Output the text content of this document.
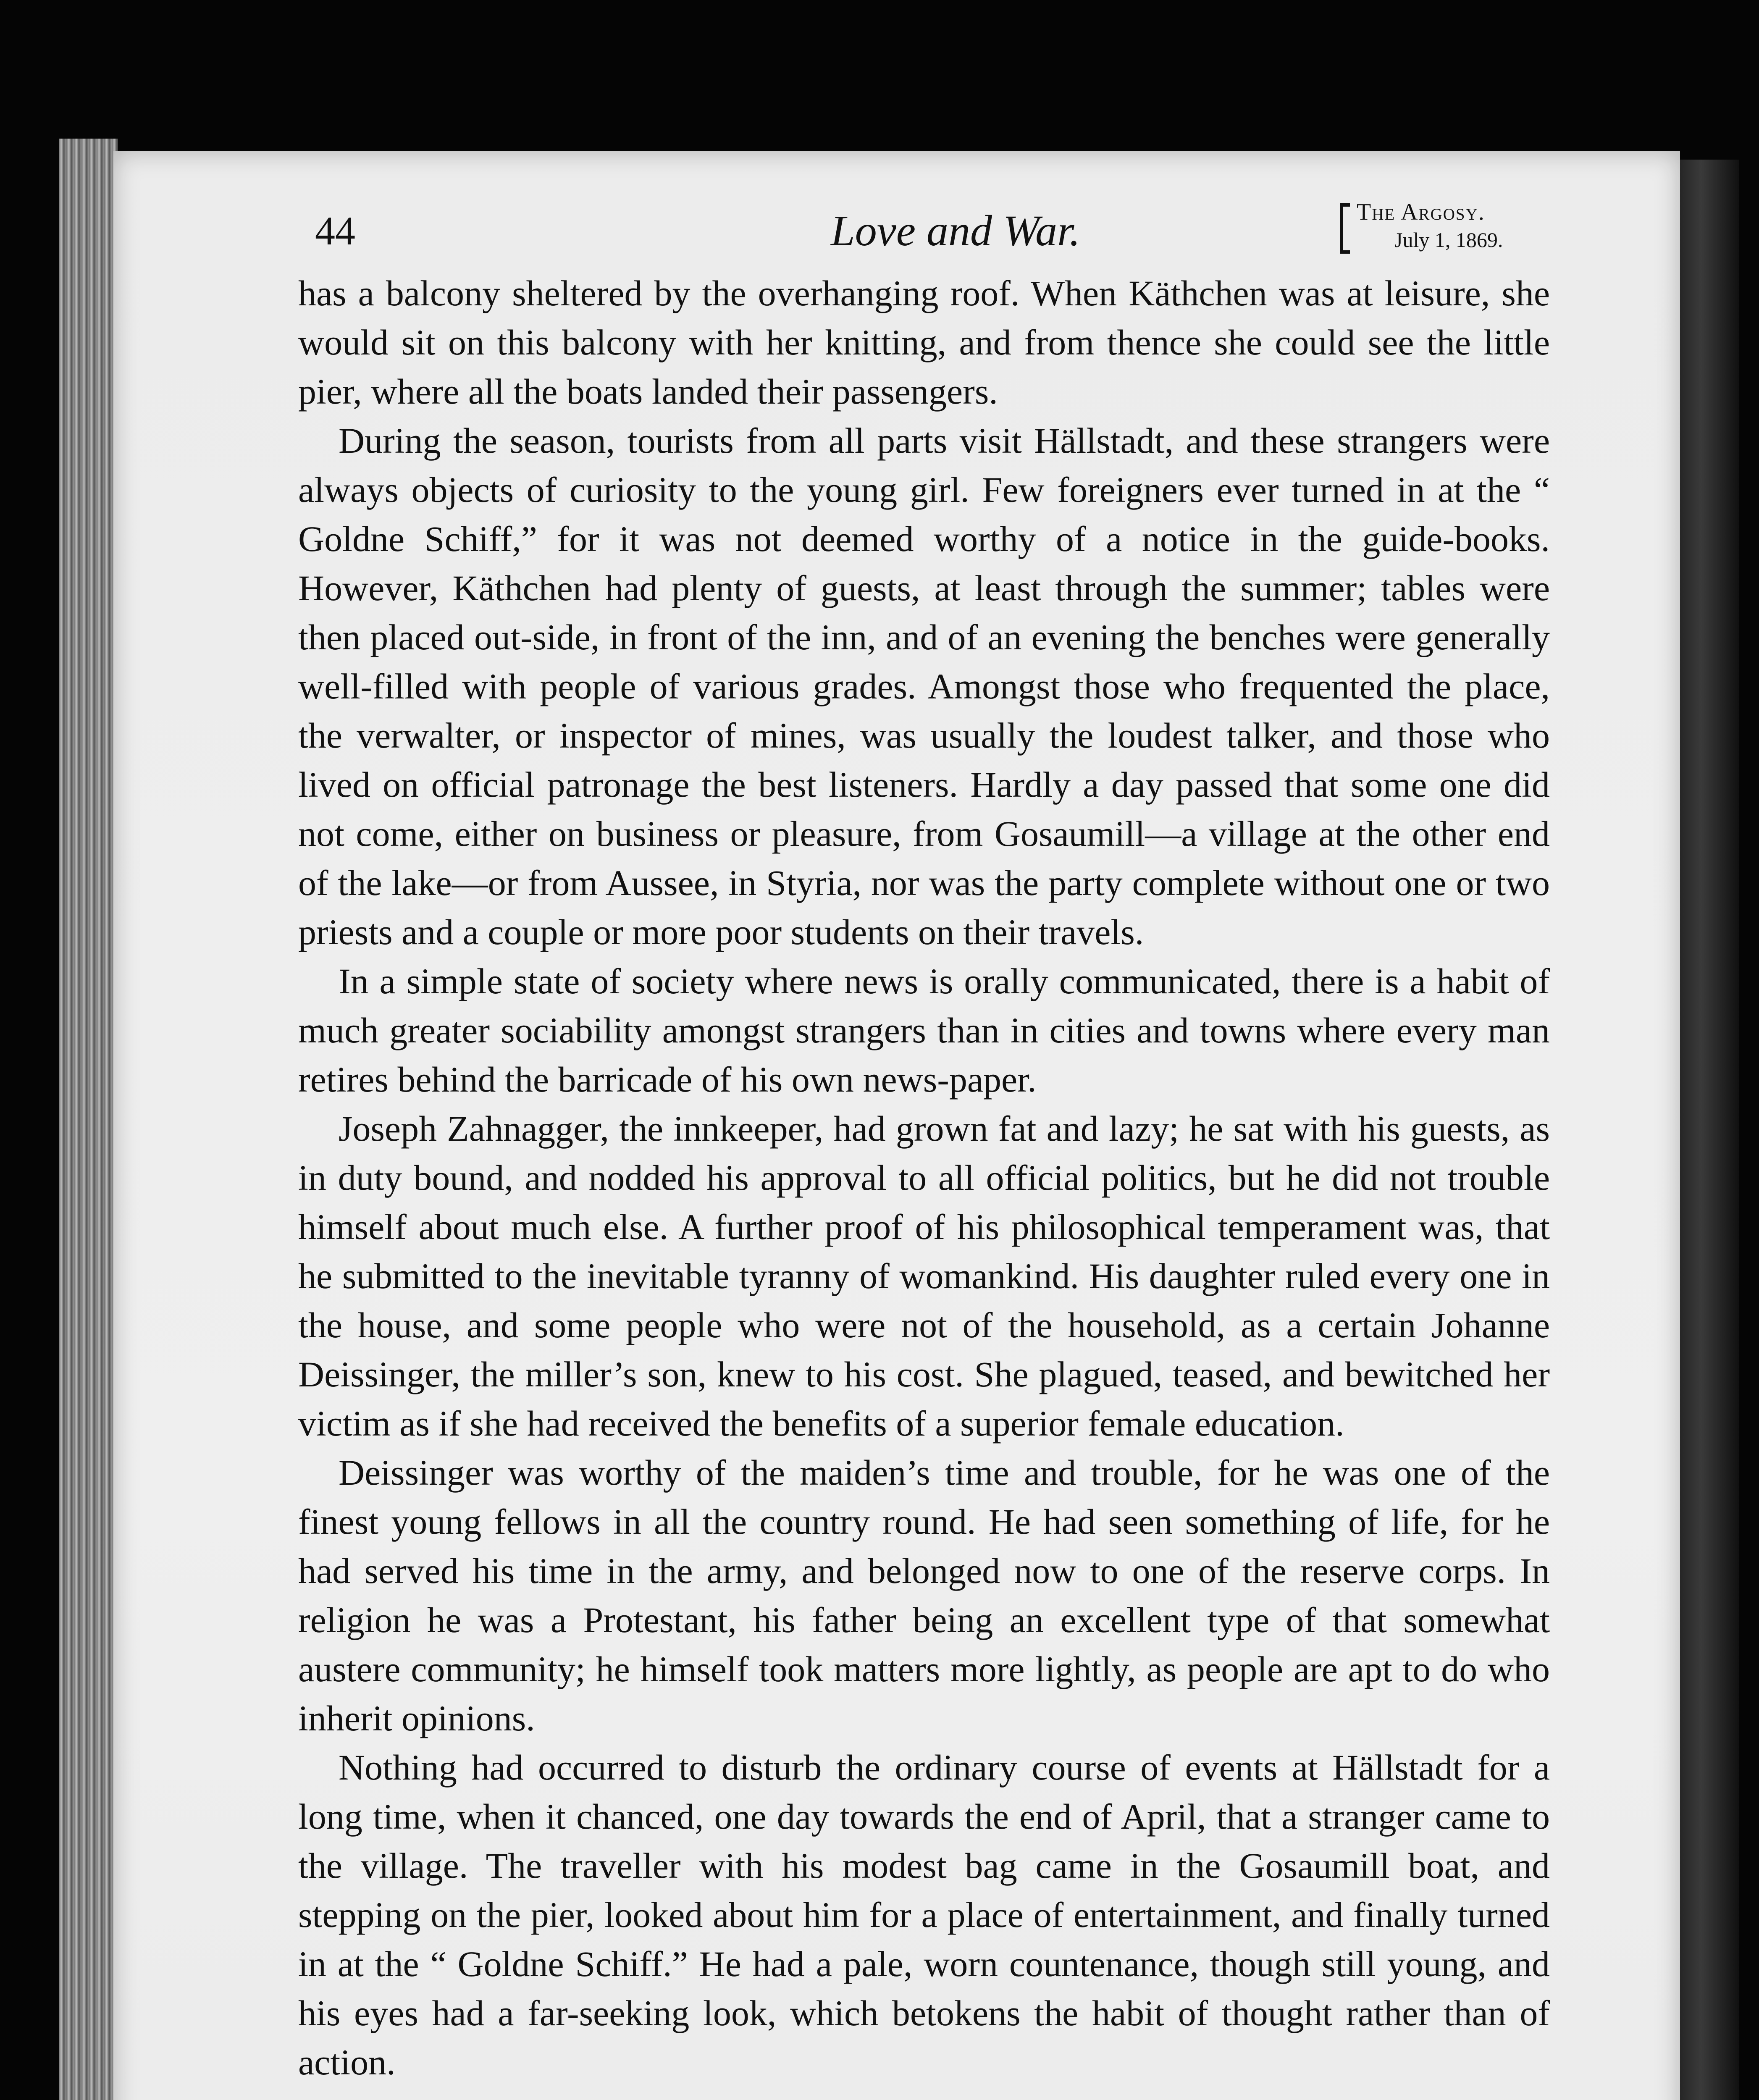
44	Love and War.	The Argosy.
July 1, 1869.

has a balcony sheltered by the overhanging roof. When Käthchen was at leisure, she would sit on this balcony with her knitting, and from thence she could see the little pier, where all the boats landed their passengers.

During the season, tourists from all parts visit Hällstadt, and these strangers were always objects of curiosity to the young girl. Few foreigners ever turned in at the “ Goldne Schiff,” for it was not deemed worthy of a notice in the guide-books. However, Käthchen had plenty of guests, at least through the summer; tables were then placed out-side, in front of the inn, and of an evening the benches were generally well-filled with people of various grades. Amongst those who frequented the place, the verwalter, or inspector of mines, was usually the loudest talker, and those who lived on official patronage the best listeners. Hardly a day passed that some one did not come, either on business or pleasure, from Gosaumill—a village at the other end of the lake—or from Aussee, in Styria, nor was the party complete without one or two priests and a couple or more poor students on their travels.

In a simple state of society where news is orally communicated, there is a habit of much greater sociability amongst strangers than in cities and towns where every man retires behind the barricade of his own news-paper.

Joseph Zahnagger, the innkeeper, had grown fat and lazy; he sat with his guests, as in duty bound, and nodded his approval to all official politics, but he did not trouble himself about much else. A further proof of his philosophical temperament was, that he submitted to the inevitable tyranny of womankind. His daughter ruled every one in the house, and some people who were not of the household, as a certain Johanne Deissinger, the miller’s son, knew to his cost. She plagued, teased, and bewitched her victim as if she had received the benefits of a superior female education.

Deissinger was worthy of the maiden’s time and trouble, for he was one of the finest young fellows in all the country round. He had seen something of life, for he had served his time in the army, and belonged now to one of the reserve corps. In religion he was a Protestant, his father being an excellent type of that somewhat austere community; he himself took matters more lightly, as people are apt to do who inherit opinions.

Nothing had occurred to disturb the ordinary course of events at Hällstadt for a long time, when it chanced, one day towards the end of April, that a stranger came to the village. The traveller with his modest bag came in the Gosaumill boat, and stepping on the pier, looked about him for a place of entertainment, and finally turned in at the “ Goldne Schiff.” He had a pale, worn countenance, though still young, and his eyes had a far-seeking look, which betokens the habit of thought rather than of action.
